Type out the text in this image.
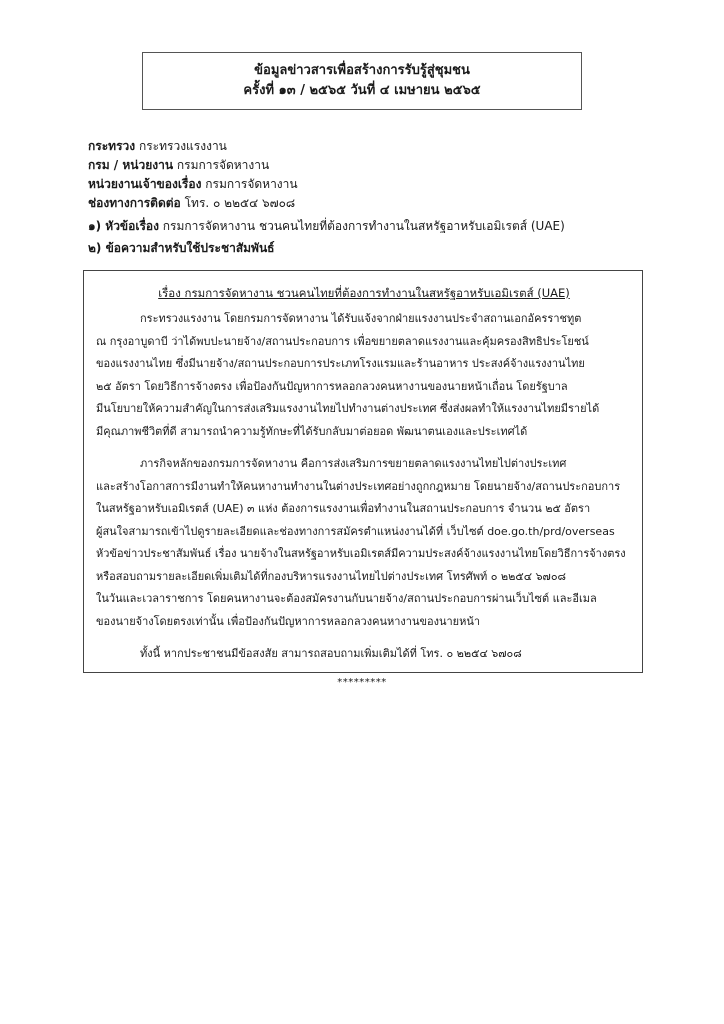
ข้อมูลข่าวสารเพื่อสร้างการรับรู้สู่ชุมชน
ครั้งที่ ๑๓ / ๒๕๖๕ วันที่ ๔ เมษายน ๒๕๖๕
กระทรวง กระทรวงแรงงาน
กรม / หน่วยงาน กรมการจัดหางาน
หน่วยงานเจ้าของเรื่อง กรมการจัดหางาน
ช่องทางการติดต่อ โทร. ๐ ๒๒๕๔ ๖๗๐๘
๑) หัวข้อเรื่อง กรมการจัดหางาน ชวนคนไทยที่ต้องการทำงานในสหรัฐอาหรับเอมิเรตส์ (UAE)
๒) ข้อความสำหรับใช้ประชาสัมพันธ์
เรื่อง กรมการจัดหางาน ชวนคนไทยที่ต้องการทำงานในสหรัฐอาหรับเอมิเรตส์ (UAE)
กระทรวงแรงงาน โดยกรมการจัดหางาน ได้รับแจ้งจากฝ่ายแรงงานประจำสถานเอกอัครราชทูต
ณ กรุงอาบูดาบี ว่าได้พบปะนายจ้าง/สถานประกอบการ เพื่อขยายตลาดแรงงานและคุ้มครองสิทธิประโยชน์
ของแรงงานไทย ซึ่งมีนายจ้าง/สถานประกอบการประเภทโรงแรมและร้านอาหาร ประสงค์จ้างแรงงานไทย
๒๕ อัตรา โดยวิธีการจ้างตรง เพื่อป้องกันปัญหาการหลอกลวงคนหางานของนายหน้าเถื่อน โดยรัฐบาล
มีนโยบายให้ความสำคัญในการส่งเสริมแรงงานไทยไปทำงานต่างประเทศ ซึ่งส่งผลทำให้แรงงานไทยมีรายได้
มีคุณภาพชีวิตที่ดี สามารถนำความรู้ทักษะที่ได้รับกลับมาต่อยอด พัฒนาตนเองและประเทศได้
ภารกิจหลักของกรมการจัดหางาน คือการส่งเสริมการขยายตลาดแรงงานไทยไปต่างประเทศ
และสร้างโอกาสการมีงานทำให้คนหางานทำงานในต่างประเทศอย่างถูกกฎหมาย โดยนายจ้าง/สถานประกอบการ
ในสหรัฐอาหรับเอมิเรตส์ (UAE) ๓ แห่ง ต้องการแรงงานเพื่อทำงานในสถานประกอบการ จำนวน ๒๕ อัตรา
ผู้สนใจสามารถเข้าไปดูรายละเอียดและช่องทางการสมัครตำแหน่งงานได้ที่ เว็บไซต์ doe.go.th/prd/overseas
หัวข้อข่าวประชาสัมพันธ์ เรื่อง นายจ้างในสหรัฐอาหรับเอมิเรตส์มีความประสงค์จ้างแรงงานไทยโดยวิธีการจ้างตรง
หรือสอบถามรายละเอียดเพิ่มเติมได้ที่กองบริหารแรงงานไทยไปต่างประเทศ โทรศัพท์ ๐ ๒๒๕๔ ๖๗๐๘
ในวันและเวลาราชการ โดยคนหางานจะต้องสมัครงานกับนายจ้าง/สถานประกอบการผ่านเว็บไซต์ และอีเมล
ของนายจ้างโดยตรงเท่านั้น เพื่อป้องกันปัญหาการหลอกลวงคนหางานของนายหน้า
ทั้งนี้ หากประชาชนมีข้อสงสัย สามารถสอบถามเพิ่มเติมได้ที่ โทร. ๐ ๒๒๕๔ ๖๗๐๘
*********
